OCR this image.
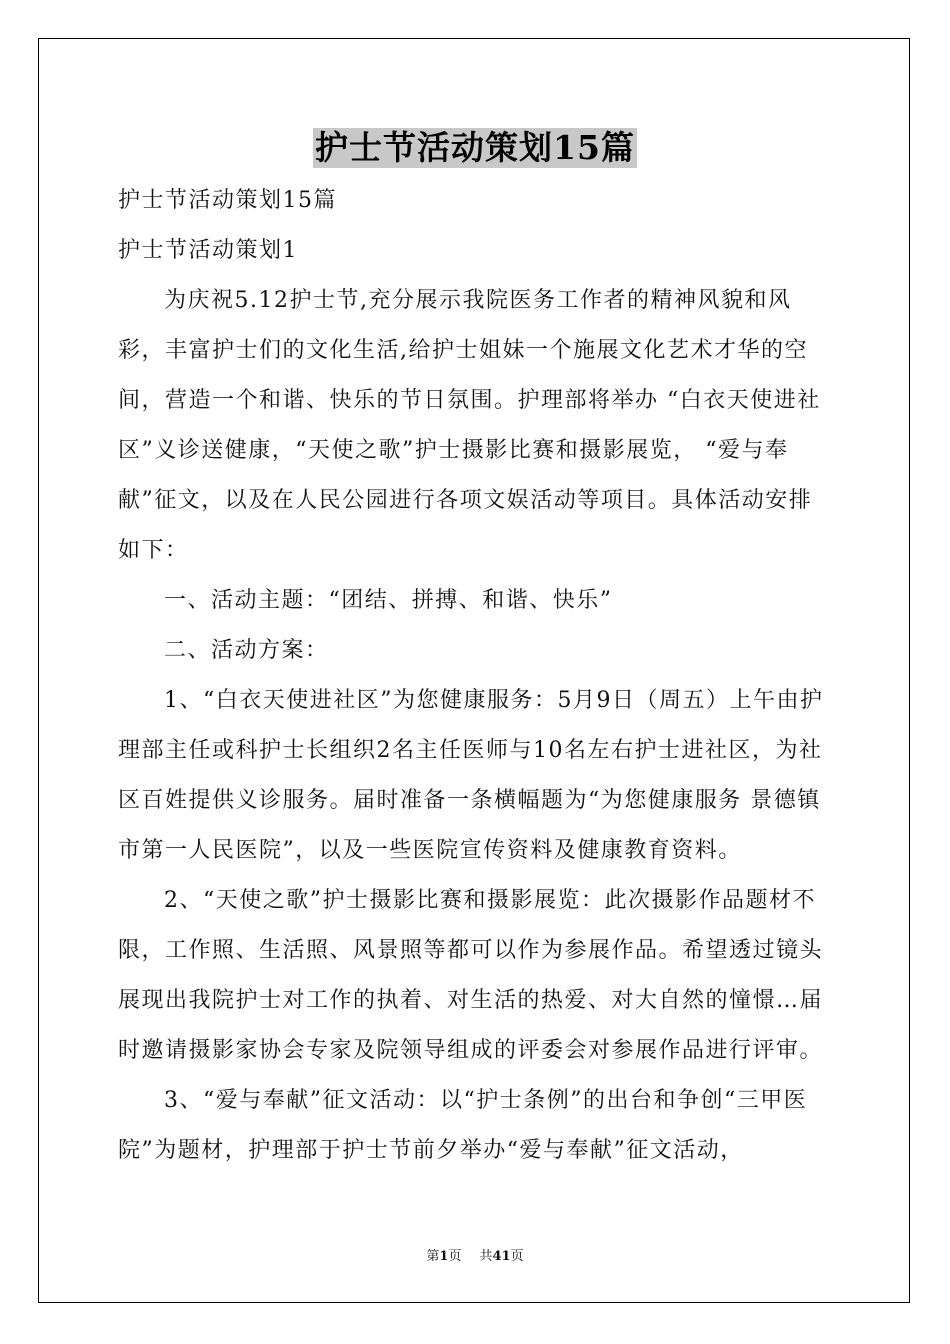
护士节活动策划15篇

护士节活动策划15篇

护士节活动策划1

为庆祝5.12护士节,充分展示我院医务工作者的精神风貌和风彩，丰富护士们的文化生活,给护士姐妹一个施展文化艺术才华的空间，营造一个和谐、快乐的节日氛围。护理部将举办 “白衣天使进社区”义诊送健康，“天使之歌”护士摄影比赛和摄影展览， “爱与奉献”征文，以及在人民公园进行各项文娱活动等项目。具体活动安排如下：

一、活动主题：“团结、拼搏、和谐、快乐”

二、活动方案：

1、“白衣天使进社区”为您健康服务：5月9日（周五）上午由护理部主任或科护士长组织2名主任医师与10名左右护士进社区，为社区百姓提供义诊服务。届时准备一条横幅题为“为您健康服务 景德镇市第一人民医院”，以及一些医院宣传资料及健康教育资料。

2、“天使之歌”护士摄影比赛和摄影展览：此次摄影作品题材不限，工作照、生活照、风景照等都可以作为参展作品。希望透过镜头展现出我院护士对工作的执着、对生活的热爱、对大自然的憧憬…届时邀请摄影家协会专家及院领导组成的评委会对参展作品进行评审。

3、“爱与奉献”征文活动：以“护士条例”的出台和争创“三甲医院”为题材，护理部于护士节前夕举办“爱与奉献”征文活动，

第1页 共41页
